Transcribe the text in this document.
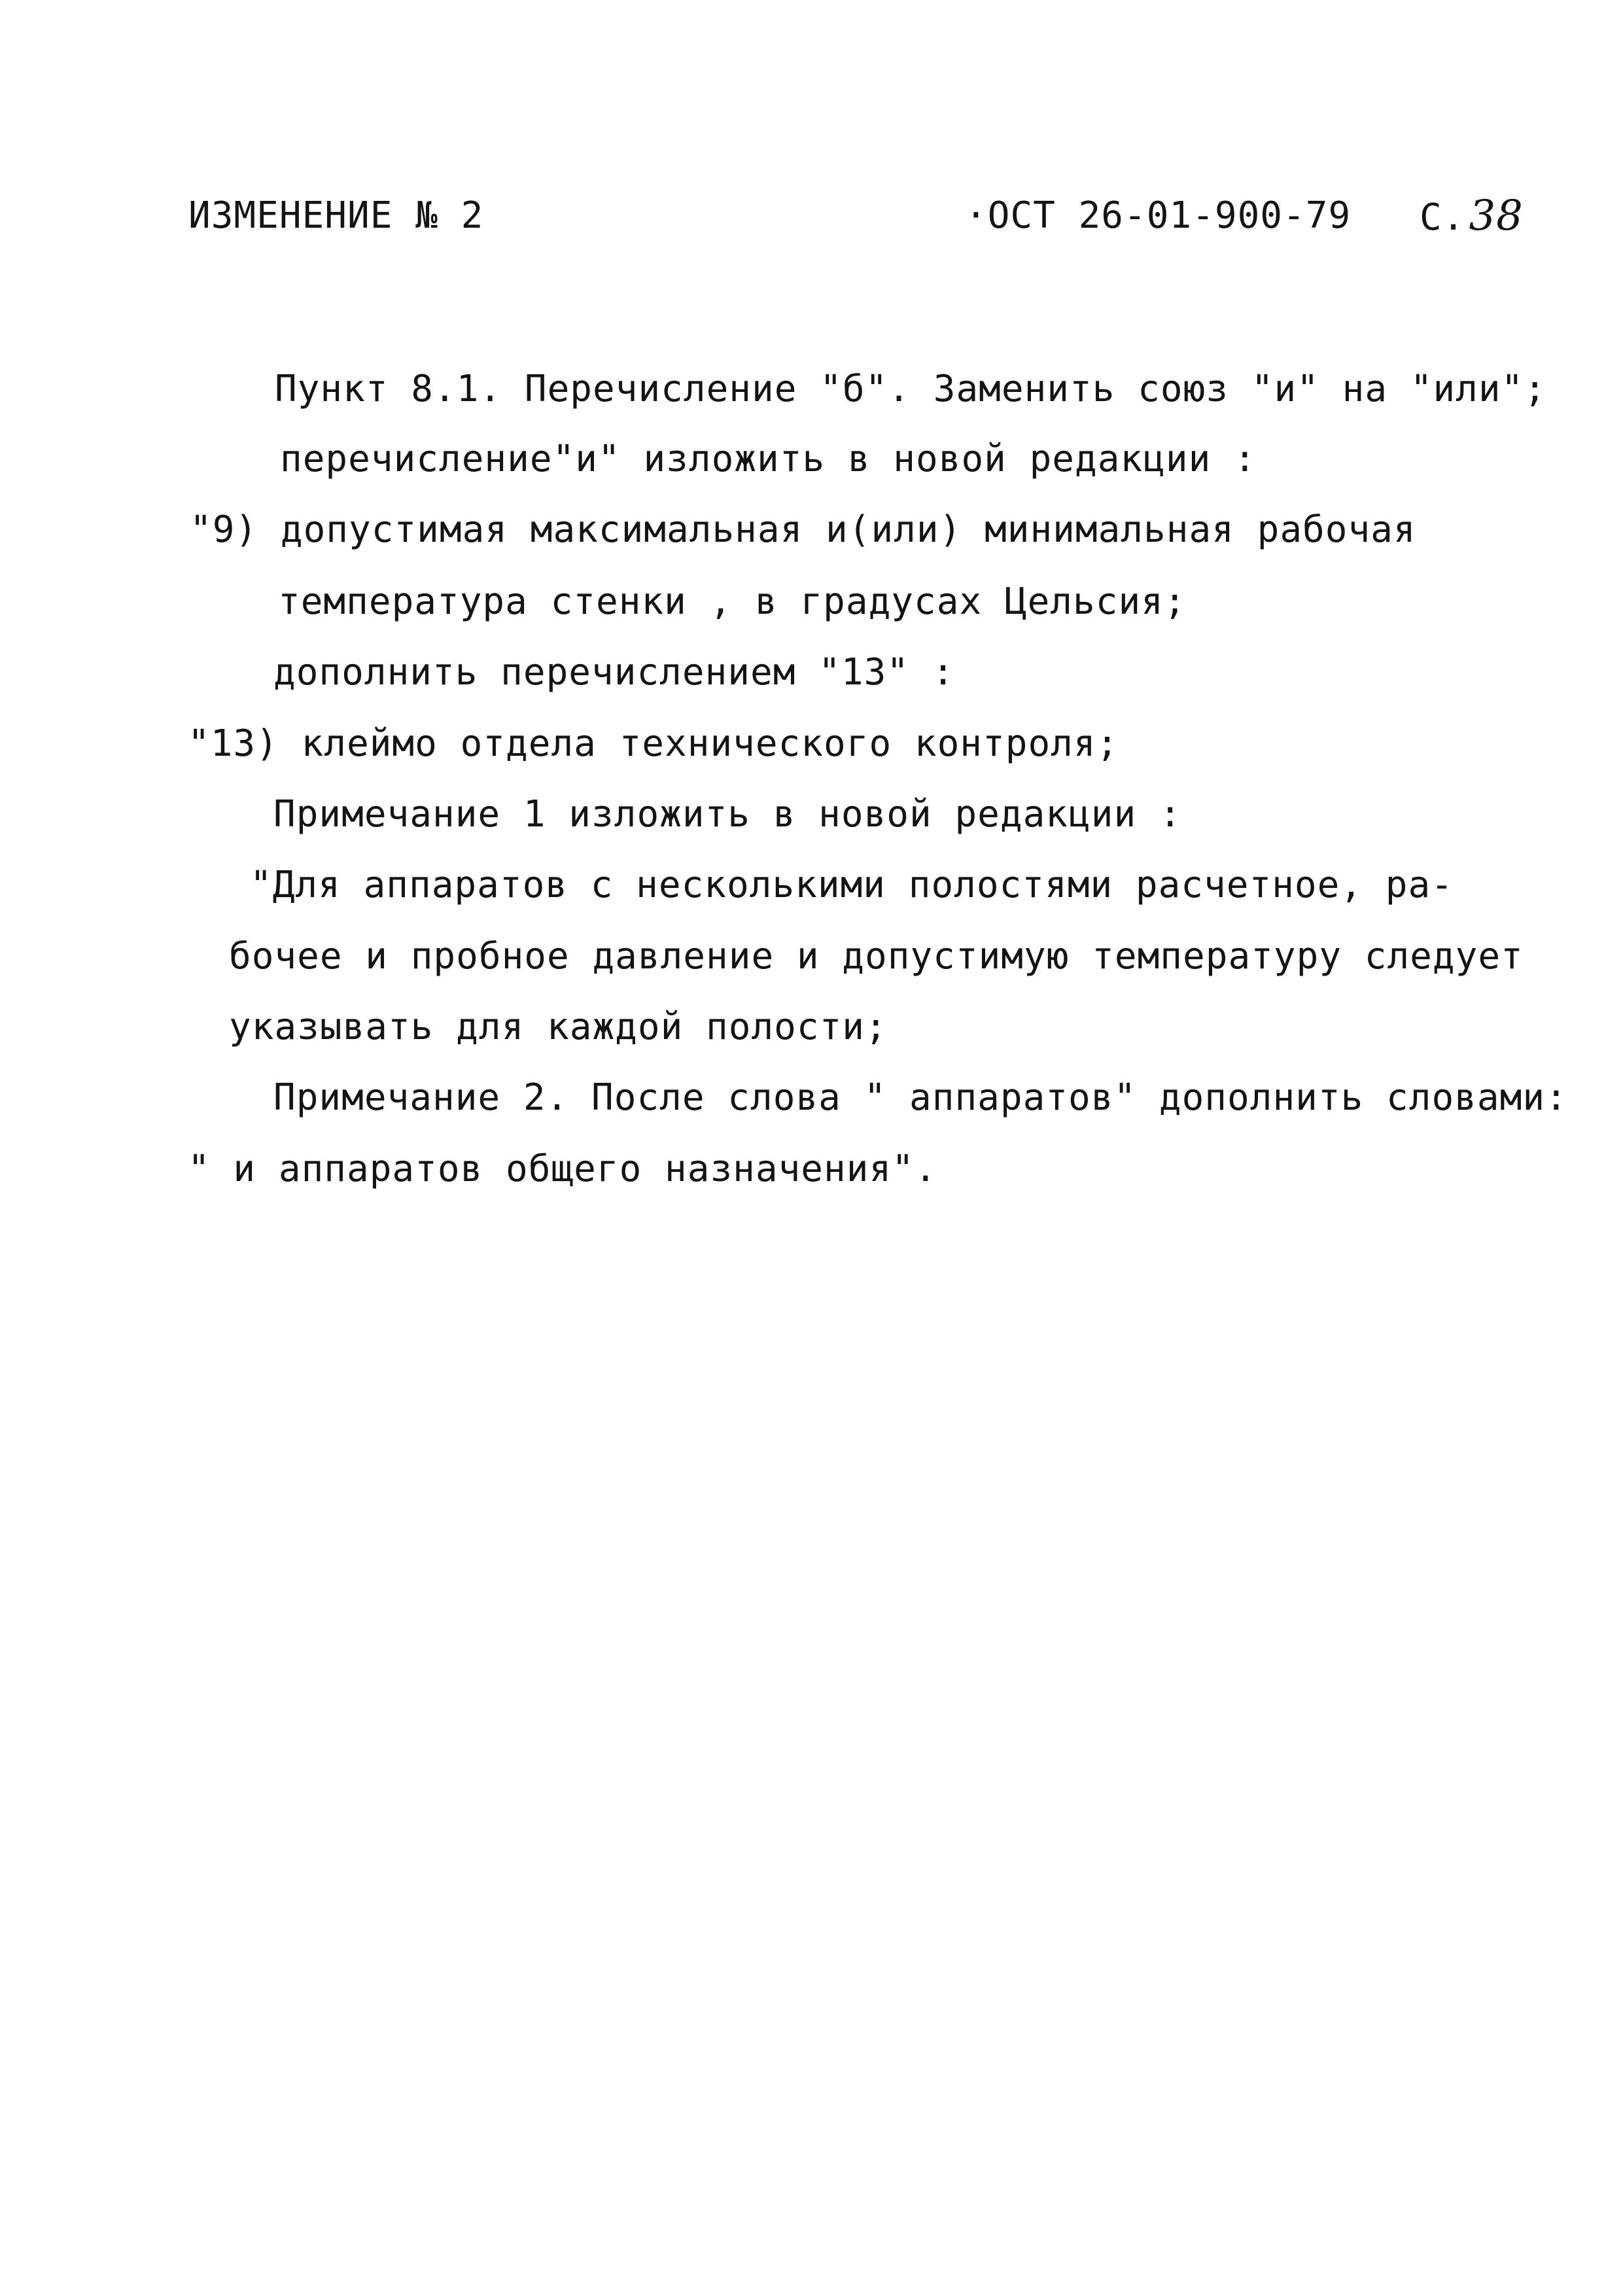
ИЗМЕНЕНИЕ № 2	·ОСТ 26-01-900-79 С.38
Пункт 8.1. Перечисление "б". Заменить союз "и" на "или";
перечисление"и" изложить в новой редакции :
"9) допустимая максимальная и(или) минимальная рабочая
температура стенки , в градусах Цельсия;
дополнить перечислением "13" :
"13) клеймо отдела технического контроля;
Примечание 1 изложить в новой редакции :
"Для аппаратов с несколькими полостями расчетное, ра-
бочее и пробное давление и допустимую температуру следует
указывать для каждой полости;
Примечание 2. После слова " аппаратов" дополнить словами:
" и аппаратов общего назначения".
